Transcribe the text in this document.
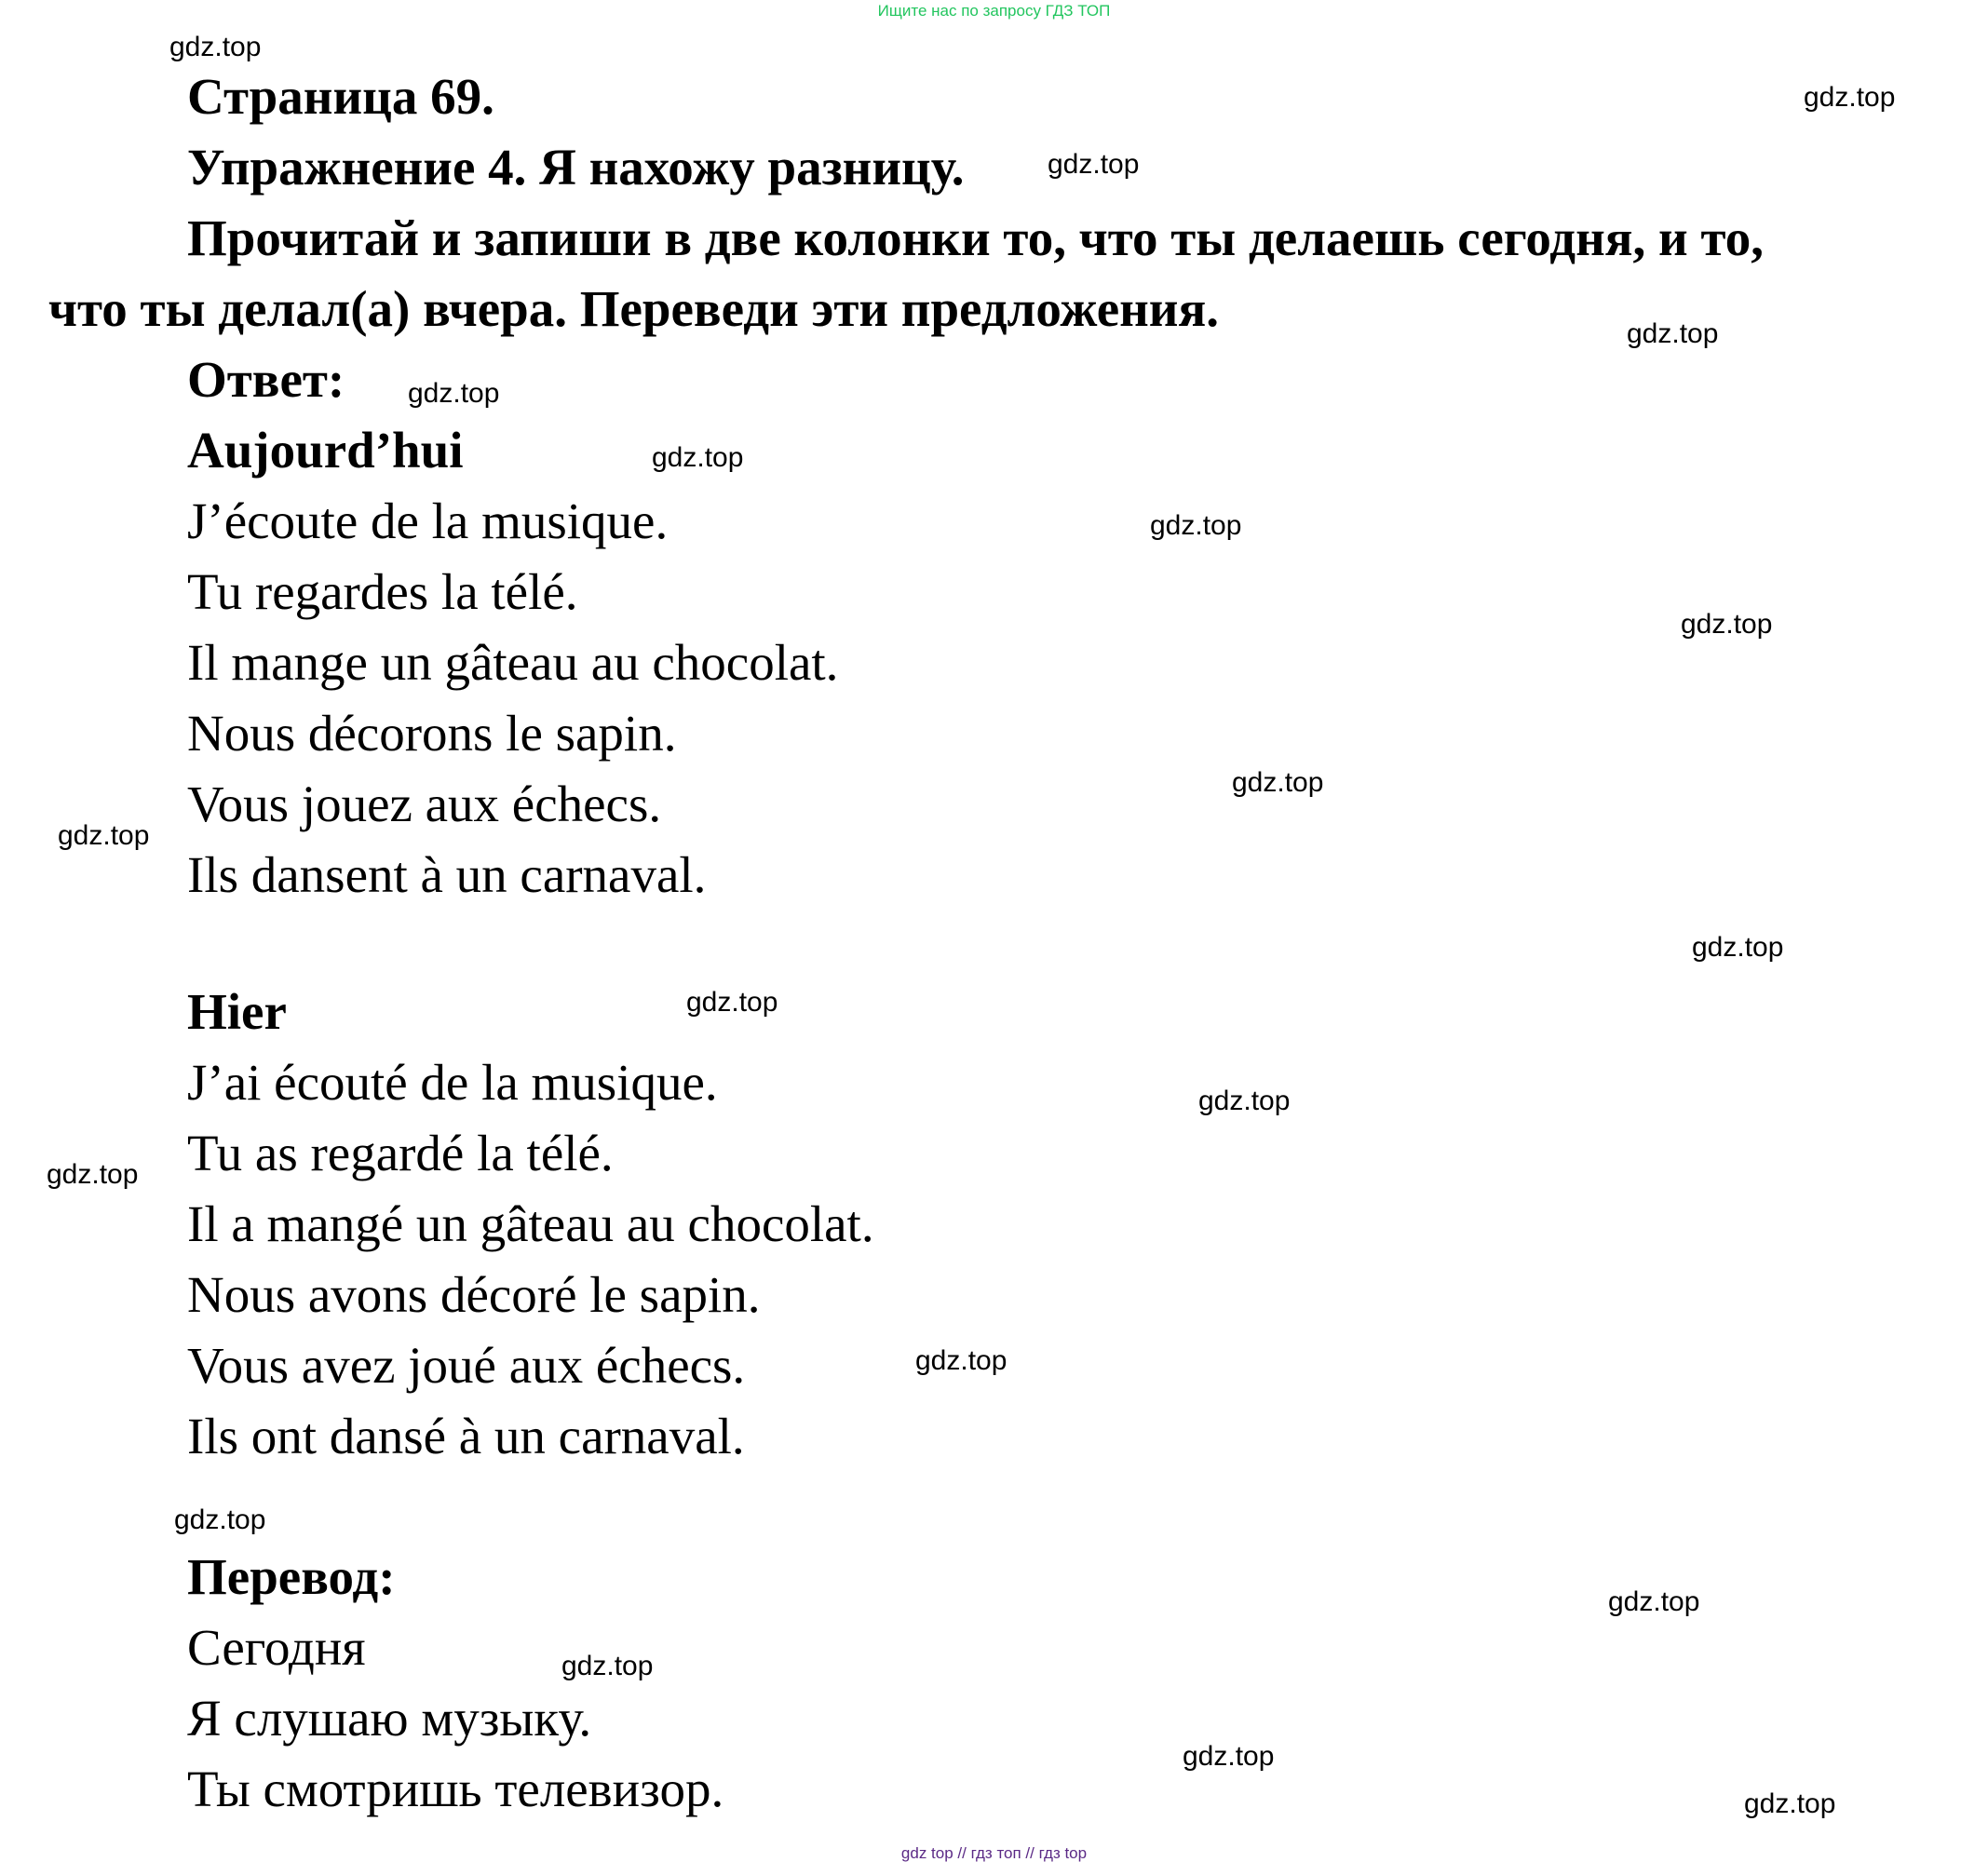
Ищите нас по запросу ГДЗ ТОП
Страница 69.
Упражнение 4. Я нахожу разницу.
Прочитай и запиши в две колонки то, что ты делаешь сегодня, и то,
что ты делал(а) вчера. Переведи эти предложения.
Ответ:
Aujourd’hui
J’écoute de la musique.
Tu regardes la télé.
Il mange un gâteau au chocolat.
Nous décorons le sapin.
Vous jouez aux échecs.
Ils dansent à un carnaval.
Hier
J’ai écouté de la musique.
Tu as regardé la télé.
Il a mangé un gâteau au chocolat.
Nous avons décoré le sapin.
Vous avez joué aux échecs.
Ils ont dansé à un carnaval.
Перевод:
Сегодня
Я слушаю музыку.
Ты смотришь телевизор.
gdz.top
gdz.top
gdz.top
gdz.top
gdz.top
gdz.top
gdz.top
gdz.top
gdz.top
gdz.top
gdz.top
gdz.top
gdz.top
gdz.top
gdz.top
gdz.top
gdz.top
gdz.top
gdz.top
gdz.top
gdz top // гдз топ // гдз top
